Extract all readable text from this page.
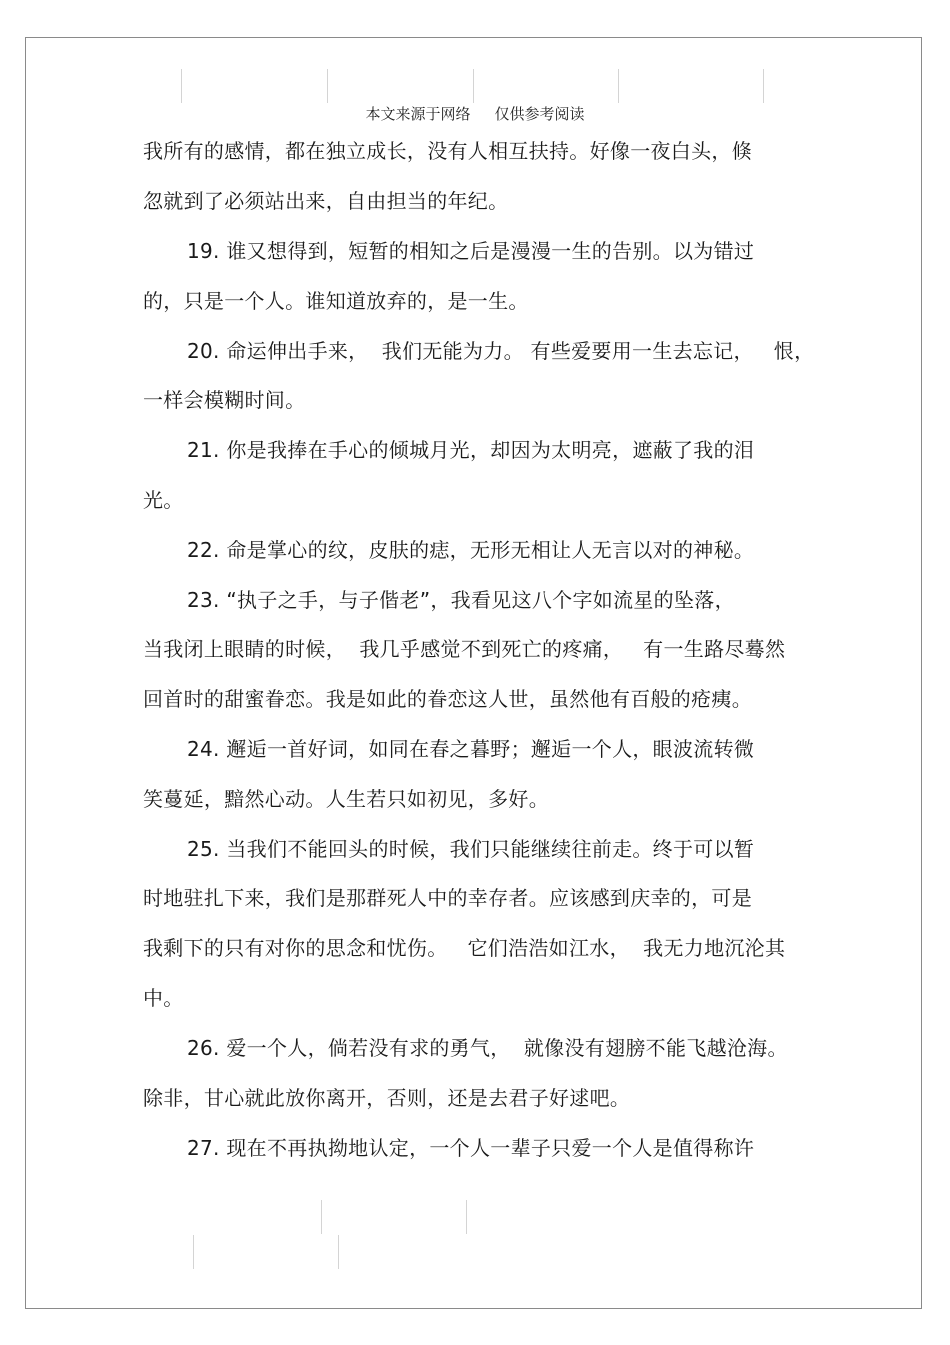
本文来源于网络 仅供参考阅读
我所有的感情，都在独立成长，没有人相互扶持。好像一夜白头，倏
忽就到了必须站出来，自由担当的年纪。
19. 谁又想得到，短暂的相知之后是漫漫一生的告别。以为错过
的，只是一个人。谁知道放弃的，是一生。
20. 命运伸出手来，  我们无能为力。 有些爱要用一生去忘记，   恨，
一样会模糊时间。
21. 你是我捧在手心的倾城月光，却因为太明亮，遮蔽了我的泪
光。
22. 命是掌心的纹，皮肤的痣，无形无相让人无言以对的神秘。
23. “执子之手，与子偕老”，我看见这八个字如流星的坠落，
当我闭上眼睛的时候，  我几乎感觉不到死亡的疼痛，   有一生路尽蓦然
回首时的甜蜜眷恋。我是如此的眷恋这人世，虽然他有百般的疮痍。
24. 邂逅一首好词，如同在春之暮野；邂逅一个人，眼波流转微
笑蔓延，黯然心动。人生若只如初见，多好。
25. 当我们不能回头的时候，我们只能继续往前走。终于可以暂
时地驻扎下来，我们是那群死人中的幸存者。应该感到庆幸的，可是
我剩下的只有对你的思念和忧伤。   它们浩浩如江水，  我无力地沉沦其
中。
26. 爱一个人，倘若没有求的勇气，  就像没有翅膀不能飞越沧海。
除非，甘心就此放你离开，否则，还是去君子好逑吧。
27. 现在不再执拗地认定，一个人一辈子只爱一个人是值得称许
